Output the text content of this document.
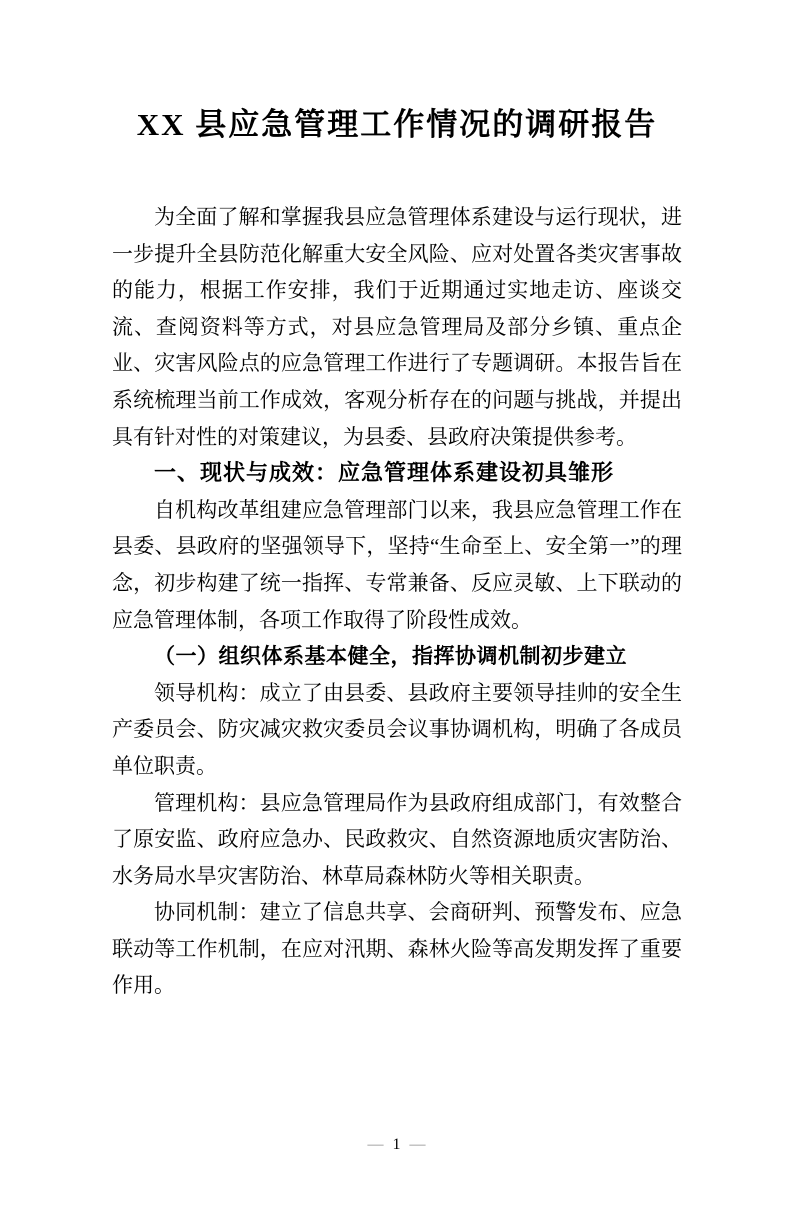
XX 县应急管理工作情况的调研报告

为全面了解和掌握我县应急管理体系建设与运行现状，进一步提升全县防范化解重大安全风险、应对处置各类灾害事故的能力，根据工作安排，我们于近期通过实地走访、座谈交流、查阅资料等方式，对县应急管理局及部分乡镇、重点企业、灾害风险点的应急管理工作进行了专题调研。本报告旨在系统梳理当前工作成效，客观分析存在的问题与挑战，并提出具有针对性的对策建议，为县委、县政府决策提供参考。

一、现状与成效：应急管理体系建设初具雏形

自机构改革组建应急管理部门以来，我县应急管理工作在县委、县政府的坚强领导下，坚持“生命至上、安全第一”的理念，初步构建了统一指挥、专常兼备、反应灵敏、上下联动的应急管理体制，各项工作取得了阶段性成效。

（一）组织体系基本健全，指挥协调机制初步建立

领导机构：成立了由县委、县政府主要领导挂帅的安全生产委员会、防灾减灾救灾委员会议事协调机构，明确了各成员单位职责。

管理机构：县应急管理局作为县政府组成部门，有效整合了原安监、政府应急办、民政救灾、自然资源地质灾害防治、水务局水旱灾害防治、林草局森林防火等相关职责。

协同机制：建立了信息共享、会商研判、预警发布、应急联动等工作机制，在应对汛期、森林火险等高发期发挥了重要作用。

— 1 —
